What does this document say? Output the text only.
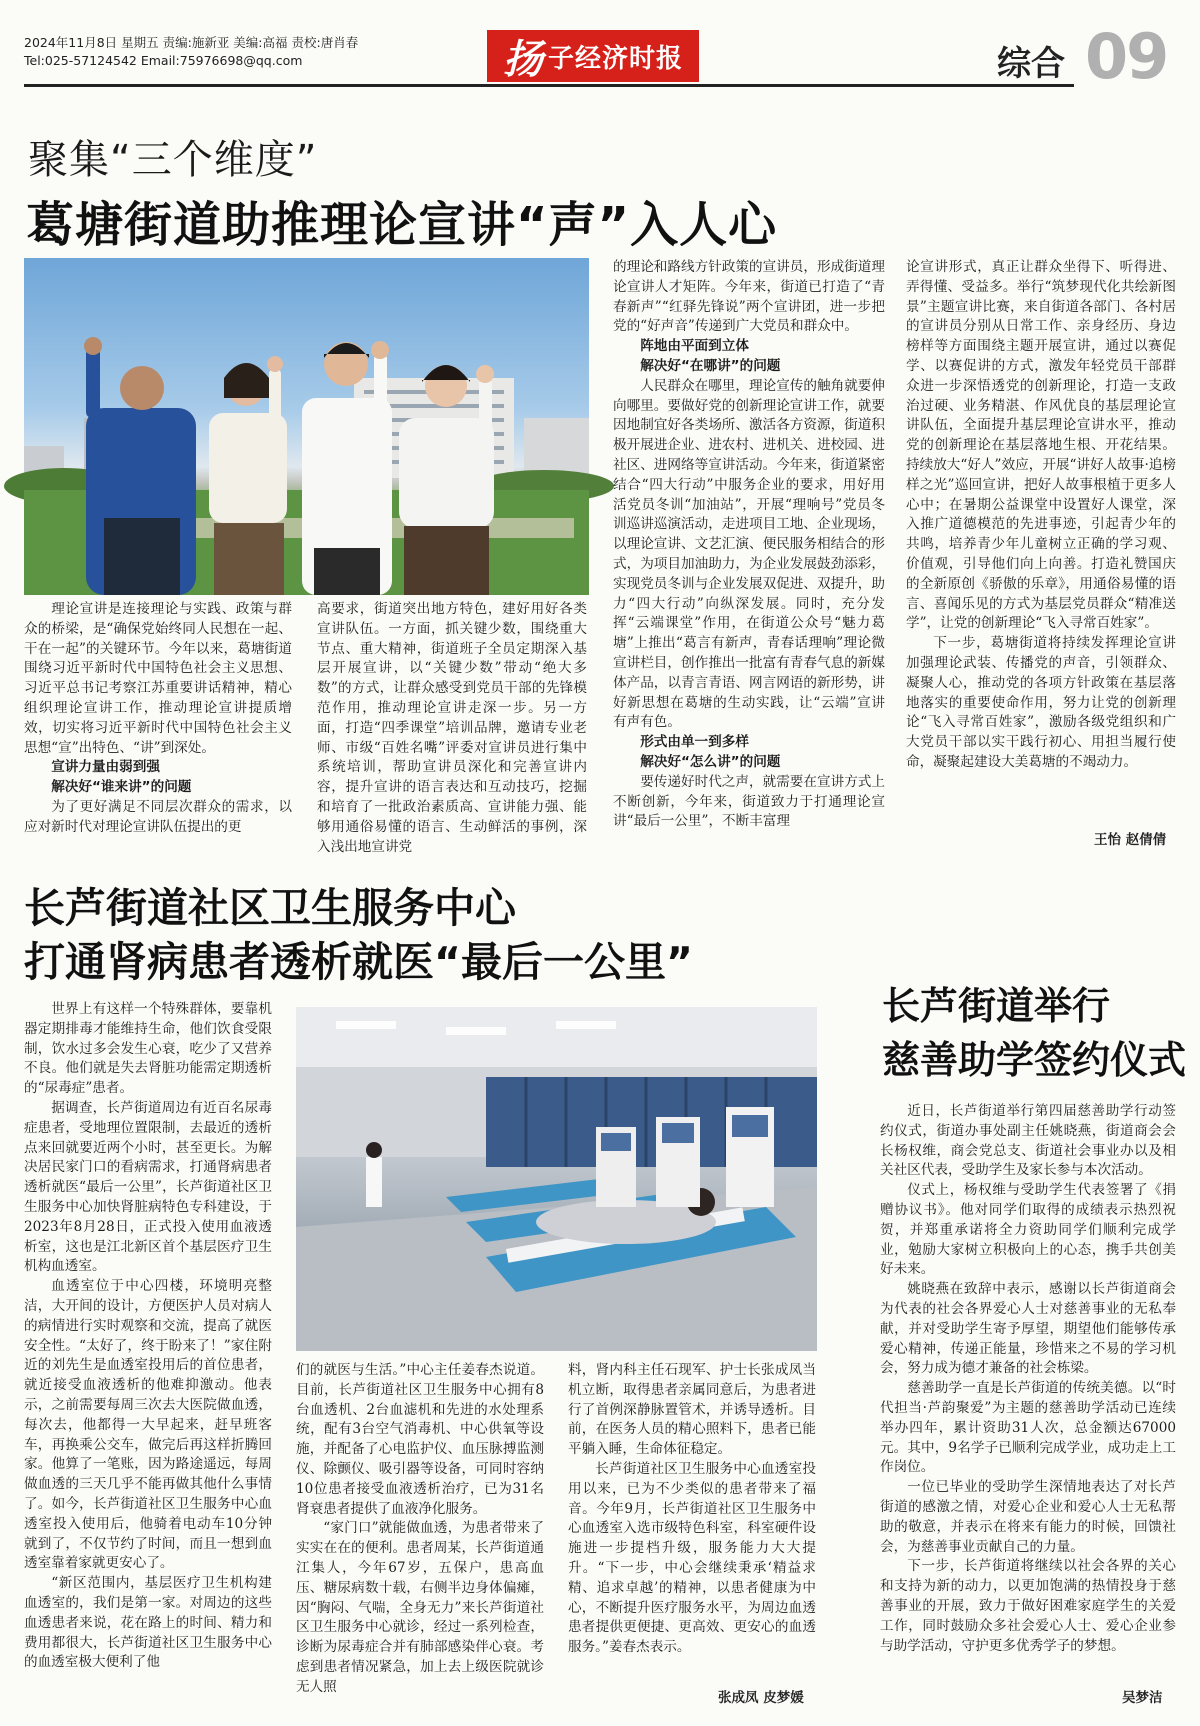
2024年11月8日 星期五 责编:施新亚 美编:高福 责校:唐肖春
Tel:025-57124542 Email:75976698@qq.com	扬 子经济时报	综合 09
聚集“三个维度”
葛塘街道助推理论宣讲“声”入人心

理论宣讲是连接理论与实践、政策与群众的桥梁，是“确保党始终同人民想在一起、干在一起”的关键环节。今年以来，葛塘街道围绕习近平新时代中国特色社会主义思想、习近平总书记考察江苏重要讲话精神，精心组织理论宣讲工作，推动理论宣讲提质增效，切实将习近平新时代中国特色社会主义思想“宣”出特色、“讲”到深处。

宣讲力量由弱到强

解决好“谁来讲”的问题

为了更好满足不同层次群众的需求，以应对新时代对理论宣讲队伍提出的更

高要求，街道突出地方特色，建好用好各类宣讲队伍。一方面，抓关键少数，围绕重大节点、重大精神，街道班子全员定期深入基层开展宣讲，以“关键少数”带动“绝大多数”的方式，让群众感受到党员干部的先锋模范作用，推动理论宣讲走深一步。另一方面，打造“四季课堂”培训品牌，邀请专业老师、市级“百姓名嘴”评委对宣讲员进行集中系统培训，帮助宣讲员深化和完善宣讲内容，提升宣讲的语言表达和互动技巧，挖掘和培育了一批政治素质高、宣讲能力强、能够用通俗易懂的语言、生动鲜活的事例，深入浅出地宣讲党

的理论和路线方针政策的宣讲员，形成街道理论宣讲人才矩阵。今年来，街道已打造了“青春新声”“红驿先锋说”两个宣讲团，进一步把党的“好声音”传递到广大党员和群众中。

阵地由平面到立体

解决好“在哪讲”的问题

人民群众在哪里，理论宣传的触角就要伸向哪里。要做好党的创新理论宣讲工作，就要因地制宜好各类场所、激活各方资源，街道积极开展进企业、进农村、进机关、进校园、进社区、进网络等宣讲活动。今年来，街道紧密结合“四大行动”中服务企业的要求，用好用活党员冬训“加油站”，开展“理响号”党员冬训巡讲巡演活动，走进项目工地、企业现场，以理论宣讲、文艺汇演、便民服务相结合的形式，为项目加油助力，为企业发展鼓劲添彩，实现党员冬训与企业发展双促进、双提升，助力“四大行动”向纵深发展。同时，充分发挥“云端课堂”作用，在街道公众号“魅力葛塘”上推出“葛言有新声，青春话理响”理论微宣讲栏目，创作推出一批富有青春气息的新媒体产品，以青言青语、网言网语的新形势，讲好新思想在葛塘的生动实践，让“云端”宣讲有声有色。

形式由单一到多样

解决好“怎么讲”的问题

要传递好时代之声，就需要在宣讲方式上不断创新，今年来，街道致力于打通理论宣讲“最后一公里”，不断丰富理

论宣讲形式，真正让群众坐得下、听得进、弄得懂、受益多。举行“筑梦现代化共绘新图景”主题宣讲比赛，来自街道各部门、各村居的宣讲员分别从日常工作、亲身经历、身边榜样等方面围绕主题开展宣讲，通过以赛促学、以赛促讲的方式，激发年轻党员干部群众进一步深悟透党的创新理论，打造一支政治过硬、业务精湛、作风优良的基层理论宣讲队伍，全面提升基层理论宣讲水平，推动党的创新理论在基层落地生根、开花结果。持续放大“好人”效应，开展“讲好人故事·追榜样之光”巡回宣讲，把好人故事根植于更多人心中；在暑期公益课堂中设置好人课堂，深入推广道德模范的先进事迹，引起青少年的共鸣，培养青少年儿童树立正确的学习观、价值观，引导他们向上向善。打造礼赞国庆的全新原创《骄傲的乐章》，用通俗易懂的语言、喜闻乐见的方式为基层党员群众“精准送学”，让党的创新理论“飞入寻常百姓家”。

下一步，葛塘街道将持续发挥理论宣讲加强理论武装、传播党的声音，引领群众、凝聚人心，推动党的各项方针政策在基层落地落实的重要使命作用，努力让党的创新理论“飞入寻常百姓家”，激励各级党组织和广大党员干部以实干践行初心、用担当履行使命，凝聚起建设大美葛塘的不竭动力。

王怡 赵倩倩
长芦街道社区卫生服务中心
打通肾病患者透析就医“最后一公里”

世界上有这样一个特殊群体，要靠机器定期排毒才能维持生命，他们饮食受限制，饮水过多会发生心衰，吃少了又营养不良。他们就是失去肾脏功能需定期透析的“尿毒症”患者。

据调查，长芦街道周边有近百名尿毒症患者，受地理位置限制，去最近的透析点来回就要近两个小时，甚至更长。为解决居民家门口的看病需求，打通肾病患者透析就医“最后一公里”，长芦街道社区卫生服务中心加快肾脏病特色专科建设，于2023年8月28日，正式投入使用血液透析室，这也是江北新区首个基层医疗卫生机构血透室。

血透室位于中心四楼，环境明亮整洁，大开间的设计，方便医护人员对病人的病情进行实时观察和交流，提高了就医安全性。“太好了，终于盼来了！”家住附近的刘先生是血透室投用后的首位患者，就近接受血液透析的他难抑激动。他表示，之前需要每周三次去大医院做血透，每次去，他都得一大早起来，赶早班客车，再换乘公交车，做完后再这样折腾回家。他算了一笔账，因为路途遥远，每周做血透的三天几乎不能再做其他什么事情了。如今，长芦街道社区卫生服务中心血透室投入使用后，他骑着电动车10分钟就到了，不仅节约了时间，而且一想到血透室靠着家就更安心了。

“新区范围内，基层医疗卫生机构建血透室的，我们是第一家。对周边的这些血透患者来说，花在路上的时间、精力和费用都很大，长芦街道社区卫生服务中心的血透室极大便利了他

们的就医与生活。”中心主任姜春杰说道。目前，长芦街道社区卫生服务中心拥有8台血透机、2台血滤机和先进的水处理系统，配有3台空气消毒机、中心供氧等设施，并配备了心电监护仪、血压脉搏监测仪、除颤仪、吸引器等设备，可同时容纳10位患者接受血液透析治疗，已为31名肾衰患者提供了血液净化服务。

“家门口”就能做血透，为患者带来了实实在在的便利。患者周某，长芦街道通江集人，今年67岁，五保户，患高血压、糖尿病数十载，右侧半边身体偏瘫，因“胸闷、气喘，全身无力”来长芦街道社区卫生服务中心就诊，经过一系列检查，诊断为尿毒症合并有肺部感染伴心衰。考虑到患者情况紧急，加上去上级医院就诊无人照

料，肾内科主任石现军、护士长张成凤当机立断，取得患者亲属同意后，为患者进行了首例深静脉置管术，并诱导透析。目前，在医务人员的精心照料下，患者已能平躺入睡，生命体征稳定。

长芦街道社区卫生服务中心血透室投用以来，已为不少类似的患者带来了福音。今年9月，长芦街道社区卫生服务中心血透室入选市级特色科室，科室硬件设施进一步提档升级，服务能力大大提升。“下一步，中心会继续秉承‘精益求精、追求卓越’的精神，以患者健康为中心，不断提升医疗服务水平，为周边血透患者提供更便捷、更高效、更安心的血透服务。”姜春杰表示。

张成凤 皮梦媛
长芦街道举行
慈善助学签约仪式

近日，长芦街道举行第四届慈善助学行动签约仪式，街道办事处副主任姚晓燕，街道商会会长杨权维，商会党总支、街道社会事业办以及相关社区代表，受助学生及家长参与本次活动。

仪式上，杨权维与受助学生代表签署了《捐赠协议书》。他对同学们取得的成绩表示热烈祝贺，并郑重承诺将全力资助同学们顺利完成学业，勉励大家树立积极向上的心态，携手共创美好未来。

姚晓燕在致辞中表示，感谢以长芦街道商会为代表的社会各界爱心人士对慈善事业的无私奉献，并对受助学生寄予厚望，期望他们能够传承爱心精神，传递正能量，珍惜来之不易的学习机会，努力成为德才兼备的社会栋梁。

慈善助学一直是长芦街道的传统美德。以“时代担当·芦韵聚爱”为主题的慈善助学活动已连续举办四年，累计资助31人次，总金额达67000元。其中，9名学子已顺利完成学业，成功走上工作岗位。

一位已毕业的受助学生深情地表达了对长芦街道的感激之情，对爱心企业和爱心人士无私帮助的敬意，并表示在将来有能力的时候，回馈社会，为慈善事业贡献自己的力量。

下一步，长芦街道将继续以社会各界的关心和支持为新的动力，以更加饱满的热情投身于慈善事业的开展，致力于做好困难家庭学生的关爱工作，同时鼓励众多社会爱心人士、爱心企业参与助学活动，守护更多优秀学子的梦想。

吴梦洁
